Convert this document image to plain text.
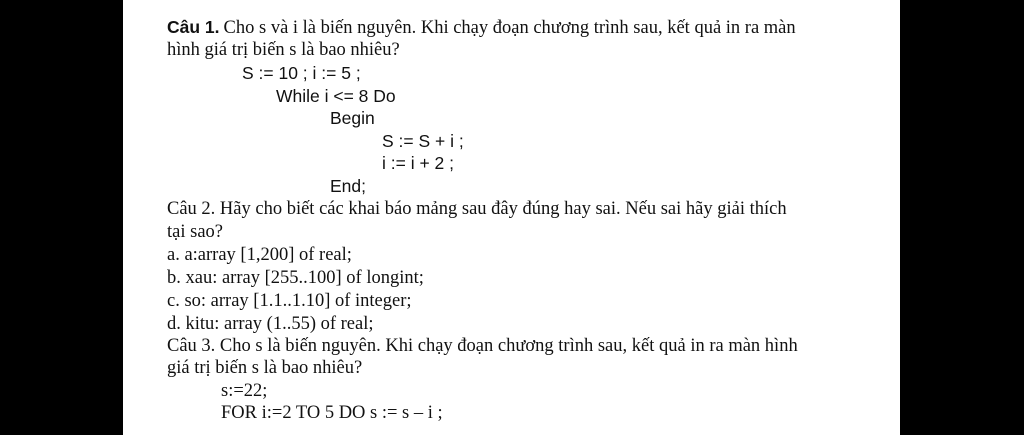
Câu 1. Cho s và i là biến nguyên. Khi chạy đoạn chương trình sau, kết quả in ra màn
hình giá trị biến s là bao nhiêu?
S := 10 ; i := 5 ;
While i <= 8 Do
Begin
S := S + i ;
i := i + 2 ;
End;
Câu 2. Hãy cho biết các khai báo mảng sau đây đúng hay sai. Nếu sai hãy giải thích
tại sao?
a. a:array [1,200] of real;
b. xau: array [255..100] of longint;
c. so: array [1.1..1.10] of integer;
d. kitu: array (1..55) of real;
Câu 3. Cho s là biến nguyên. Khi chạy đoạn chương trình sau, kết quả in ra màn hình
giá trị biến s là bao nhiêu?
s:=22;
FOR i:=2 TO 5 DO s := s – i ;
